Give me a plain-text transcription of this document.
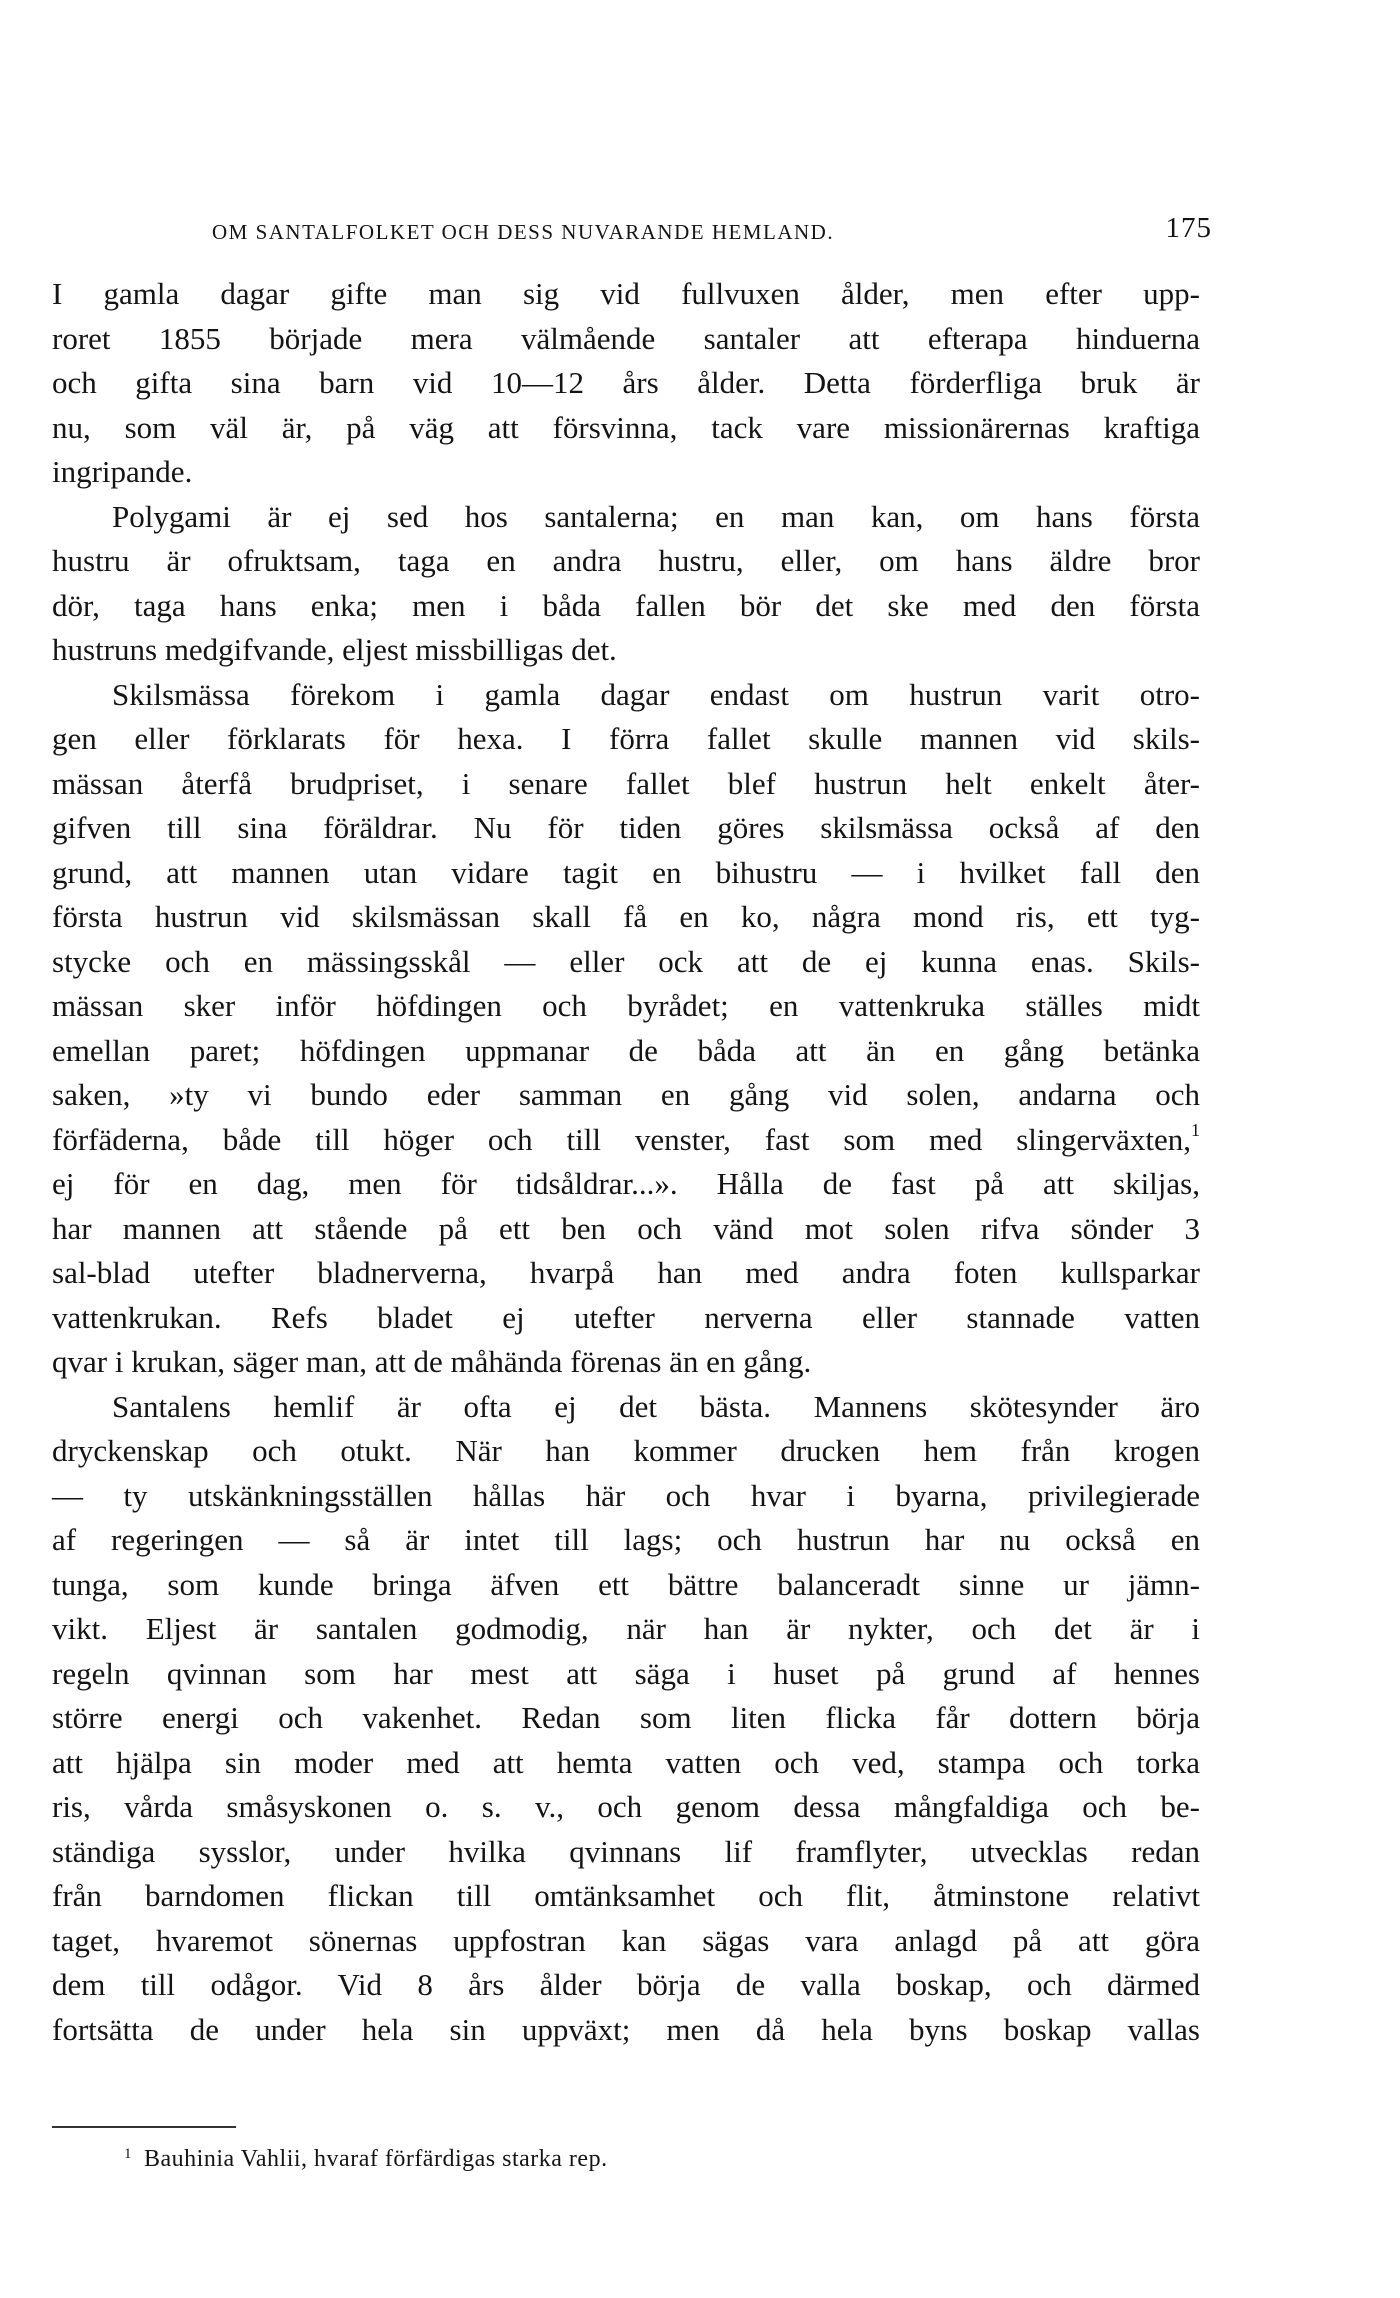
OM SANTALFOLKET OCH DESS NUVARANDE HEMLAND.	175
I gamla dagar gifte man sig vid fullvuxen ålder, men efter upp-
roret 1855 började mera välmående santaler att efterapa hinduerna
och gifta sina barn vid 10—12 års ålder. Detta förderfliga bruk är
nu, som väl är, på väg att försvinna, tack vare missionärernas kraftiga
ingripande.
Polygami är ej sed hos santalerna; en man kan, om hans första
hustru är ofruktsam, taga en andra hustru, eller, om hans äldre bror
dör, taga hans enka; men i båda fallen bör det ske med den första
hustruns medgifvande, eljest missbilligas det.
Skilsmässa förekom i gamla dagar endast om hustrun varit otro-
gen eller förklarats för hexa. I förra fallet skulle mannen vid skils-
mässan återfå brudpriset, i senare fallet blef hustrun helt enkelt åter-
gifven till sina föräldrar. Nu för tiden göres skilsmässa också af den
grund, att mannen utan vidare tagit en bihustru — i hvilket fall den
första hustrun vid skilsmässan skall få en ko, några mond ris, ett tyg-
stycke och en mässingsskål — eller ock att de ej kunna enas. Skils-
mässan sker inför höfdingen och byrådet; en vattenkruka ställes midt
emellan paret; höfdingen uppmanar de båda att än en gång betänka
saken, »ty vi bundo eder samman en gång vid solen, andarna och
förfäderna, både till höger och till venster, fast som med slingerväxten,$^1$
ej för en dag, men för tidsåldrar...». Hålla de fast på att skiljas,
har mannen att stående på ett ben och vänd mot solen rifva sönder 3
sal-blad utefter bladnerverna, hvarpå han med andra foten kullsparkar
vattenkrukan. Refs bladet ej utefter nerverna eller stannade vatten
qvar i krukan, säger man, att de måhända förenas än en gång.
Santalens hemlif är ofta ej det bästa. Mannens skötesynder äro
dryckenskap och otukt. När han kommer drucken hem från krogen
— ty utskänkningsställen hållas här och hvar i byarna, privilegierade
af regeringen — så är intet till lags; och hustrun har nu också en
tunga, som kunde bringa äfven ett bättre balanceradt sinne ur jämn-
vikt. Eljest är santalen godmodig, när han är nykter, och det är i
regeln qvinnan som har mest att säga i huset på grund af hennes
större energi och vakenhet. Redan som liten flicka får dottern börja
att hjälpa sin moder med att hemta vatten och ved, stampa och torka
ris, vårda småsyskonen o. s. v., och genom dessa mångfaldiga och be-
ständiga sysslor, under hvilka qvinnans lif framflyter, utvecklas redan
från barndomen flickan till omtänksamhet och flit, åtminstone relativt
taget, hvaremot sönernas uppfostran kan sägas vara anlagd på att göra
dem till odågor. Vid 8 års ålder börja de valla boskap, och därmed
fortsätta de under hela sin uppväxt; men då hela byns boskap vallas
$^1$ Bauhinia Vahlii, hvaraf förfärdigas starka rep.
